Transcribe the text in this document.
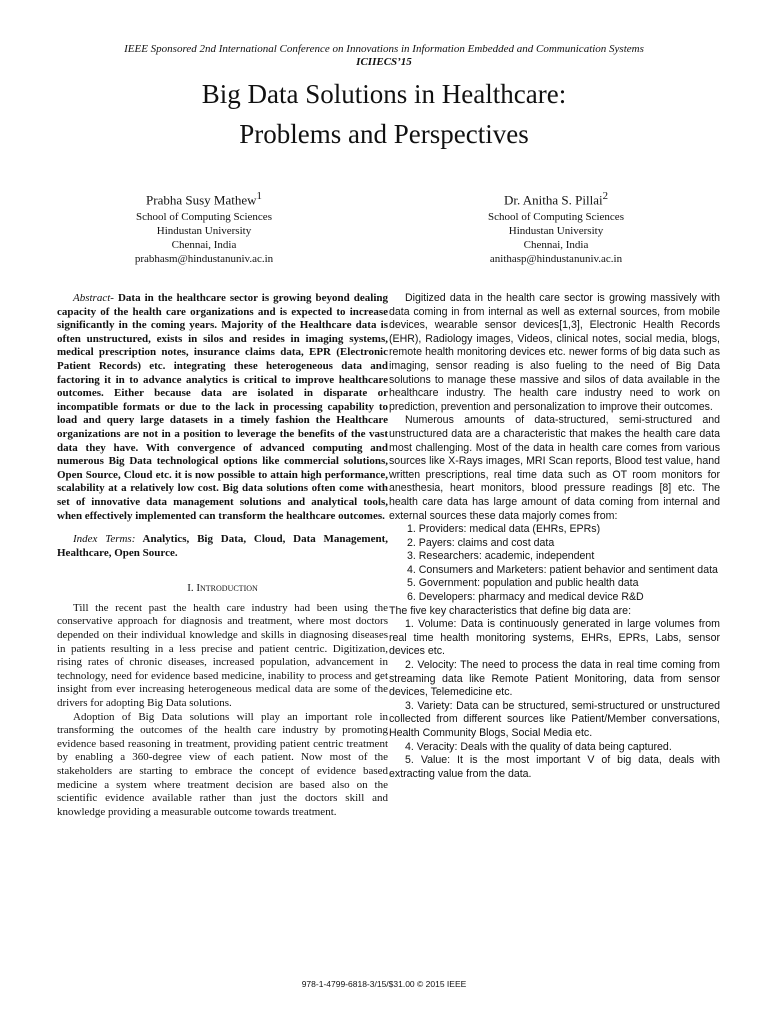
IEEE Sponsored 2nd International Conference on Innovations in Information Embedded and Communication Systems
ICIIECS’15
Big Data Solutions in Healthcare:
Problems and Perspectives
Prabha Susy Mathew$^1$
School of Computing Sciences
Hindustan University
Chennai, India
prabhasm@hindustanuniv.ac.in
Dr. Anitha S. Pillai$^2$
School of Computing Sciences
Hindustan University
Chennai, India
anithasp@hindustanuniv.ac.in

Abstract- Data in the healthcare sector is growing beyond dealing capacity of the health care organizations and is expected to increase significantly in the coming years. Majority of the Healthcare data is often unstructured, exists in silos and resides in imaging systems, medical prescription notes, insurance claims data, EPR (Electronic Patient Records) etc. integrating these heterogeneous data and factoring it in to advance analytics is critical to improve healthcare outcomes. Either because data are isolated in disparate or incompatible formats or due to the lack in processing capability to load and query large datasets in a timely fashion the Healthcare organizations are not in a position to leverage the benefits of the vast data they have. With convergence of advanced computing and numerous Big Data technological options like commercial solutions, Open Source, Cloud etc. it is now possible to attain high performance, scalability at a relatively low cost. Big data solutions often come with set of innovative data management solutions and analytical tools, when effectively implemented can transform the healthcare outcomes.

Index Terms: Analytics, Big Data, Cloud, Data Management, Healthcare, Open Source.

I. Introduction

Till the recent past the health care industry had been using the conservative approach for diagnosis and treatment, where most doctors depended on their individual knowledge and skills in diagnosing diseases in patients resulting in a less precise and patient centric. Digitization, rising rates of chronic diseases, increased population, advancement in technology, need for evidence based medicine, inability to process and get insight from ever increasing heterogeneous medical data are some of the drivers for adopting Big Data solutions.

Adoption of Big Data solutions will play an important role in transforming the outcomes of the health care industry by promoting evidence based reasoning in treatment, providing patient centric treatment by enabling a 360-degree view of each patient. Now most of the stakeholders are starting to embrace the concept of evidence based medicine a system where treatment decision are based also on the scientific evidence available rather than just the doctors skill and knowledge providing a measurable outcome towards treatment.

Digitized data in the health care sector is growing massively with data coming in from internal as well as external sources, from mobile devices, wearable sensor devices[1,3], Electronic Health Records (EHR), Radiology images, Videos, clinical notes, social media, blogs, remote health monitoring devices etc. newer forms of big data such as imaging, sensor reading is also fueling to the need of Big Data solutions to manage these massive and silos of data available in the healthcare industry. The health care industry need to work on prediction, prevention and personalization to improve their outcomes.

Numerous amounts of data-structured, semi-structured and unstructured data are a characteristic that makes the health care data most challenging. Most of the data in health care comes from various sources like X-Rays images, MRI Scan reports, Blood test value, hand written prescriptions, real time data such as OT room monitors for anesthesia, heart monitors, blood pressure readings [8] etc. The health care data has large amount of data coming from internal and external sources these data majorly comes from:

1. Providers: medical data (EHRs, EPRs)
2. Payers: claims and cost data
3. Researchers: academic, independent
4. Consumers and Marketers: patient behavior and sentiment data
5. Government: population and public health data
6. Developers: pharmacy and medical device R&D

The five key characteristics that define big data are:

1. Volume: Data is continuously generated in large volumes from real time health monitoring systems, EHRs, EPRs, Labs, sensor devices etc.

2. Velocity: The need to process the data in real time coming from streaming data like Remote Patient Monitoring, data from sensor devices, Telemedicine etc.

3. Variety: Data can be structured, semi-structured or unstructured collected from different sources like Patient/Member conversations, Health Community Blogs, Social Media etc.

4. Veracity: Deals with the quality of data being captured.

5. Value: It is the most important V of big data, deals with extracting value from the data.

978-1-4799-6818-3/15/$31.00 © 2015 IEEE
